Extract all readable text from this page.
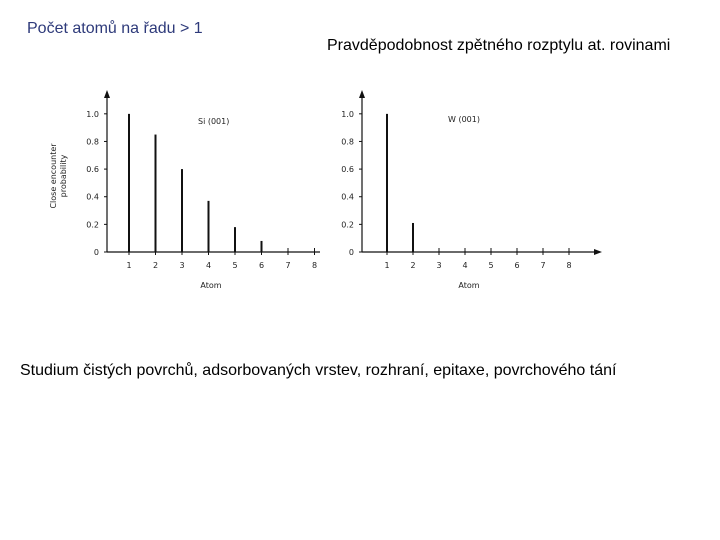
Počet atomů na řadu > 1
Pravděpodobnost zpětného rozptylu at. rovinami
0
0.2
0.4
0.6
0.8
1.0
1	2	3	4	5	6	7	8
Si (001)
Atom
Close encounterprobability
0
0.2
0.4
0.6
0.8
1.0
1	2	3	4	5	6	7	8
W (001)
Atom
Studium čistých povrchů, adsorbovaných vrstev, rozhraní, epitaxe, povrchového tání
